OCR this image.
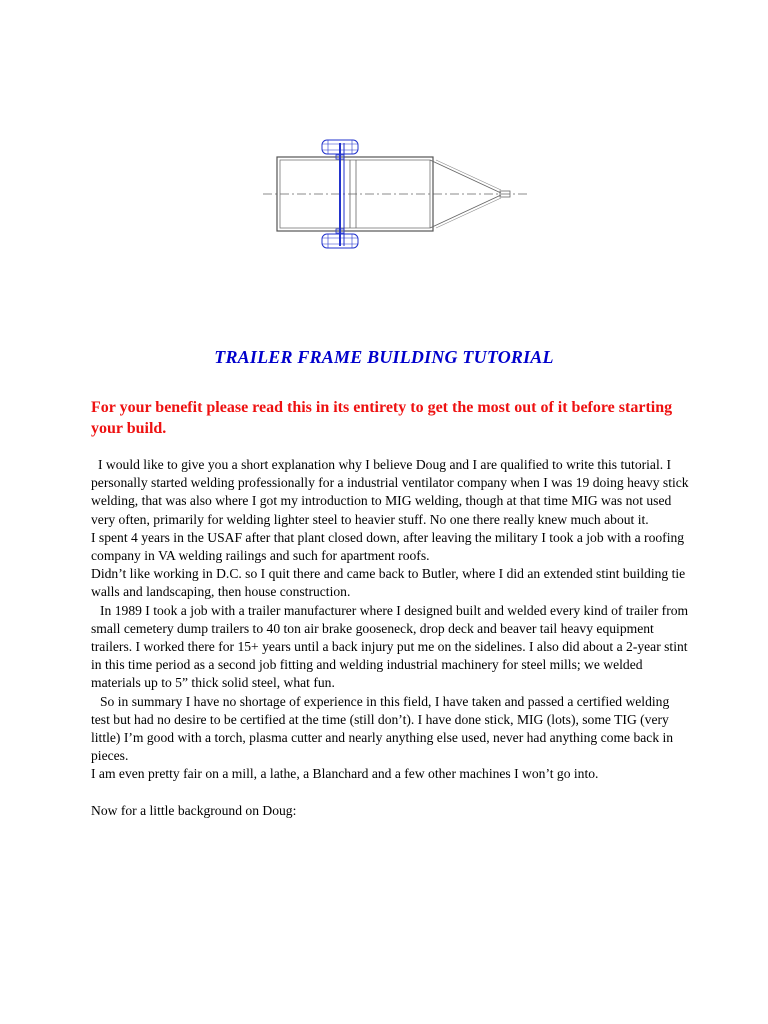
TRAILER FRAME BUILDING TUTORIAL
For your benefit please read this in its entirety to get the most out of it before starting your build.

I would like to give you a short explanation why I believe Doug and I are qualified to write this tutorial. I personally started welding professionally for a industrial ventilator company when I was 19 doing heavy stick welding, that was also where I got my introduction to MIG welding, though at that time MIG was not used very often, primarily for welding lighter steel to heavier stuff. No one there really knew much about it.

I spent 4 years in the USAF after that plant closed down, after leaving the military I took a job with a roofing company in VA welding railings and such for apartment roofs.

Didn’t like working in D.C. so I quit there and came back to Butler, where I did an extended stint building tie walls and landscaping, then house construction.

In 1989 I took a job with a trailer manufacturer where I designed built and welded every kind of trailer from small cemetery dump trailers to 40 ton air brake gooseneck, drop deck and beaver tail heavy equipment trailers. I worked there for 15+ years until a back injury put me on the sidelines. I also did about a 2-year stint in this time period as a second job fitting and welding industrial machinery for steel mills; we welded materials up to 5” thick solid steel, what fun.

So in summary I have no shortage of experience in this field, I have taken and passed a certified welding test but had no desire to be certified at the time (still don’t). I have done stick, MIG (lots), some TIG (very little) I’m good with a torch, plasma cutter and nearly anything else used, never had anything come back in pieces.

I am even pretty fair on a mill, a lathe, a Blanchard and a few other machines I won’t go into.

Now for a little background on Doug:
